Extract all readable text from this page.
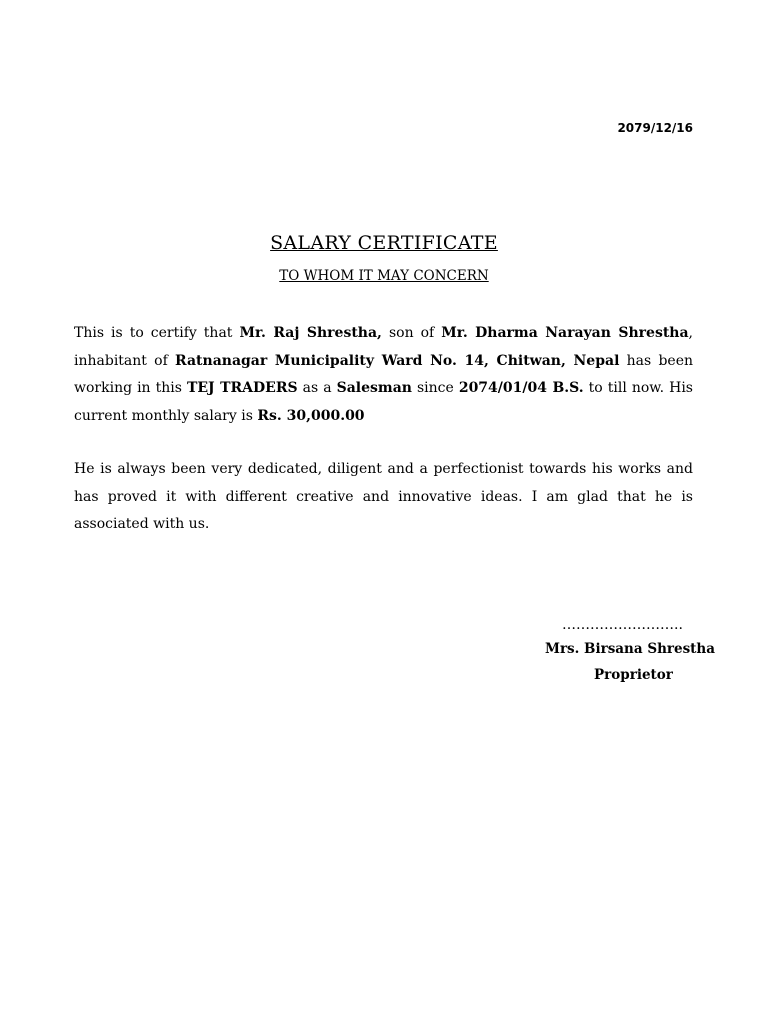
2079/12/16
SALARY CERTIFICATE
TO WHOM IT MAY CONCERN

This is to certify that Mr. Raj Shrestha, son of Mr. Dharma Narayan Shrestha, inhabitant of Ratnanagar Municipality Ward No. 14, Chitwan, Nepal has been working in this TEJ TRADERS as a Salesman since 2074/01/04 B.S. to till now. His current monthly salary is Rs. 30,000.00

He is always been very dedicated, diligent and a perfectionist towards his works and has proved it with different creative and innovative ideas. I am glad that he is associated with us.

……………………..
Mrs. Birsana Shrestha
Proprietor
